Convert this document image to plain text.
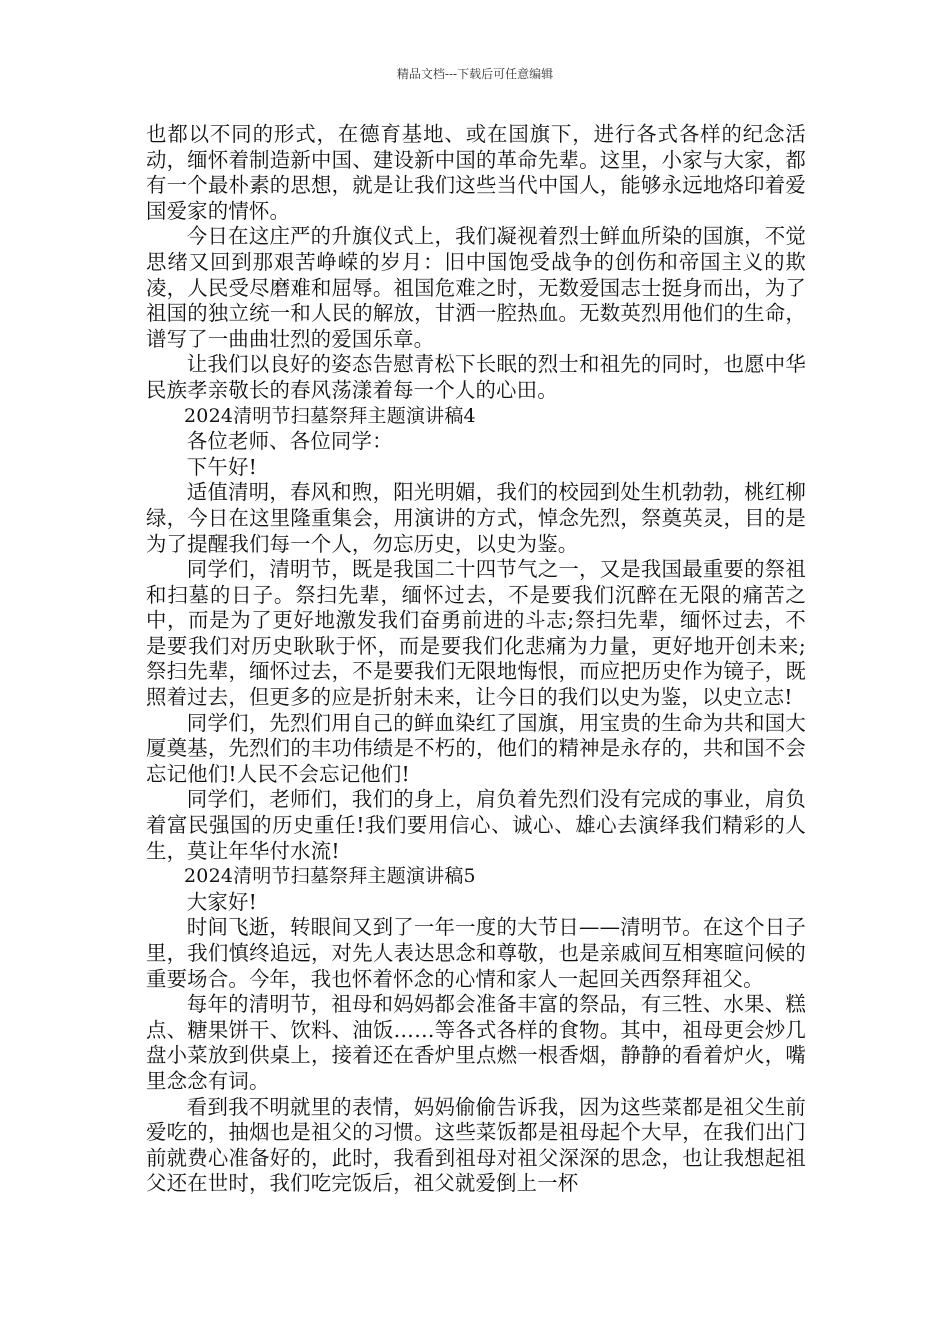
精品文档---下载后可任意编辑

也都以不同的形式，在德育基地、或在国旗下，进行各式各样的纪念活动，缅怀着制造新中国、建设新中国的革命先辈。这里，小家与大家，都有一个最朴素的思想，就是让我们这些当代中国人，能够永远地烙印着爱国爱家的情怀。

今日在这庄严的升旗仪式上，我们凝视着烈士鲜血所染的国旗，不觉思绪又回到那艰苦峥嵘的岁月：旧中国饱受战争的创伤和帝国主义的欺凌，人民受尽磨难和屈辱。祖国危难之时，无数爱国志士挺身而出，为了祖国的独立统一和人民的解放，甘洒一腔热血。无数英烈用他们的生命，谱写了一曲曲壮烈的爱国乐章。

让我们以良好的姿态告慰青松下长眠的烈士和祖先的同时，也愿中华民族孝亲敬长的春风荡漾着每一个人的心田。

2024清明节扫墓祭拜主题演讲稿4

各位老师、各位同学：

下午好!

适值清明，春风和煦，阳光明媚，我们的校园到处生机勃勃，桃红柳绿，今日在这里隆重集会，用演讲的方式，悼念先烈，祭奠英灵，目的是为了提醒我们每一个人，勿忘历史，以史为鉴。

同学们，清明节，既是我国二十四节气之一，又是我国最重要的祭祖和扫墓的日子。祭扫先辈，缅怀过去，不是要我们沉醉在无限的痛苦之中，而是为了更好地激发我们奋勇前进的斗志;祭扫先辈，缅怀过去，不是要我们对历史耿耿于怀，而是要我们化悲痛为力量，更好地开创未来;祭扫先辈，缅怀过去，不是要我们无限地悔恨，而应把历史作为镜子，既照着过去，但更多的应是折射未来，让今日的我们以史为鉴，以史立志!

同学们，先烈们用自己的鲜血染红了国旗，用宝贵的生命为共和国大厦奠基，先烈们的丰功伟绩是不朽的，他们的精神是永存的，共和国不会忘记他们!人民不会忘记他们!

同学们，老师们，我们的身上，肩负着先烈们没有完成的事业，肩负着富民强国的历史重任!我们要用信心、诚心、雄心去演绎我们精彩的人生，莫让年华付水流!

2024清明节扫墓祭拜主题演讲稿5

大家好!

时间飞逝，转眼间又到了一年一度的大节日——清明节。在这个日子里，我们慎终追远，对先人表达思念和尊敬，也是亲戚间互相寒暄问候的重要场合。今年，我也怀着怀念的心情和家人一起回关西祭拜祖父。

每年的清明节，祖母和妈妈都会准备丰富的祭品，有三牲、水果、糕点、糖果饼干、饮料、油饭……等各式各样的食物。其中，祖母更会炒几盘小菜放到供桌上，接着还在香炉里点燃一根香烟，静静的看着炉火，嘴里念念有词。

看到我不明就里的表情，妈妈偷偷告诉我，因为这些菜都是祖父生前爱吃的，抽烟也是祖父的习惯。这些菜饭都是祖母起个大早，在我们出门前就费心准备好的，此时，我看到祖母对祖父深深的思念，也让我想起祖父还在世时，我们吃完饭后，祖父就爱倒上一杯
